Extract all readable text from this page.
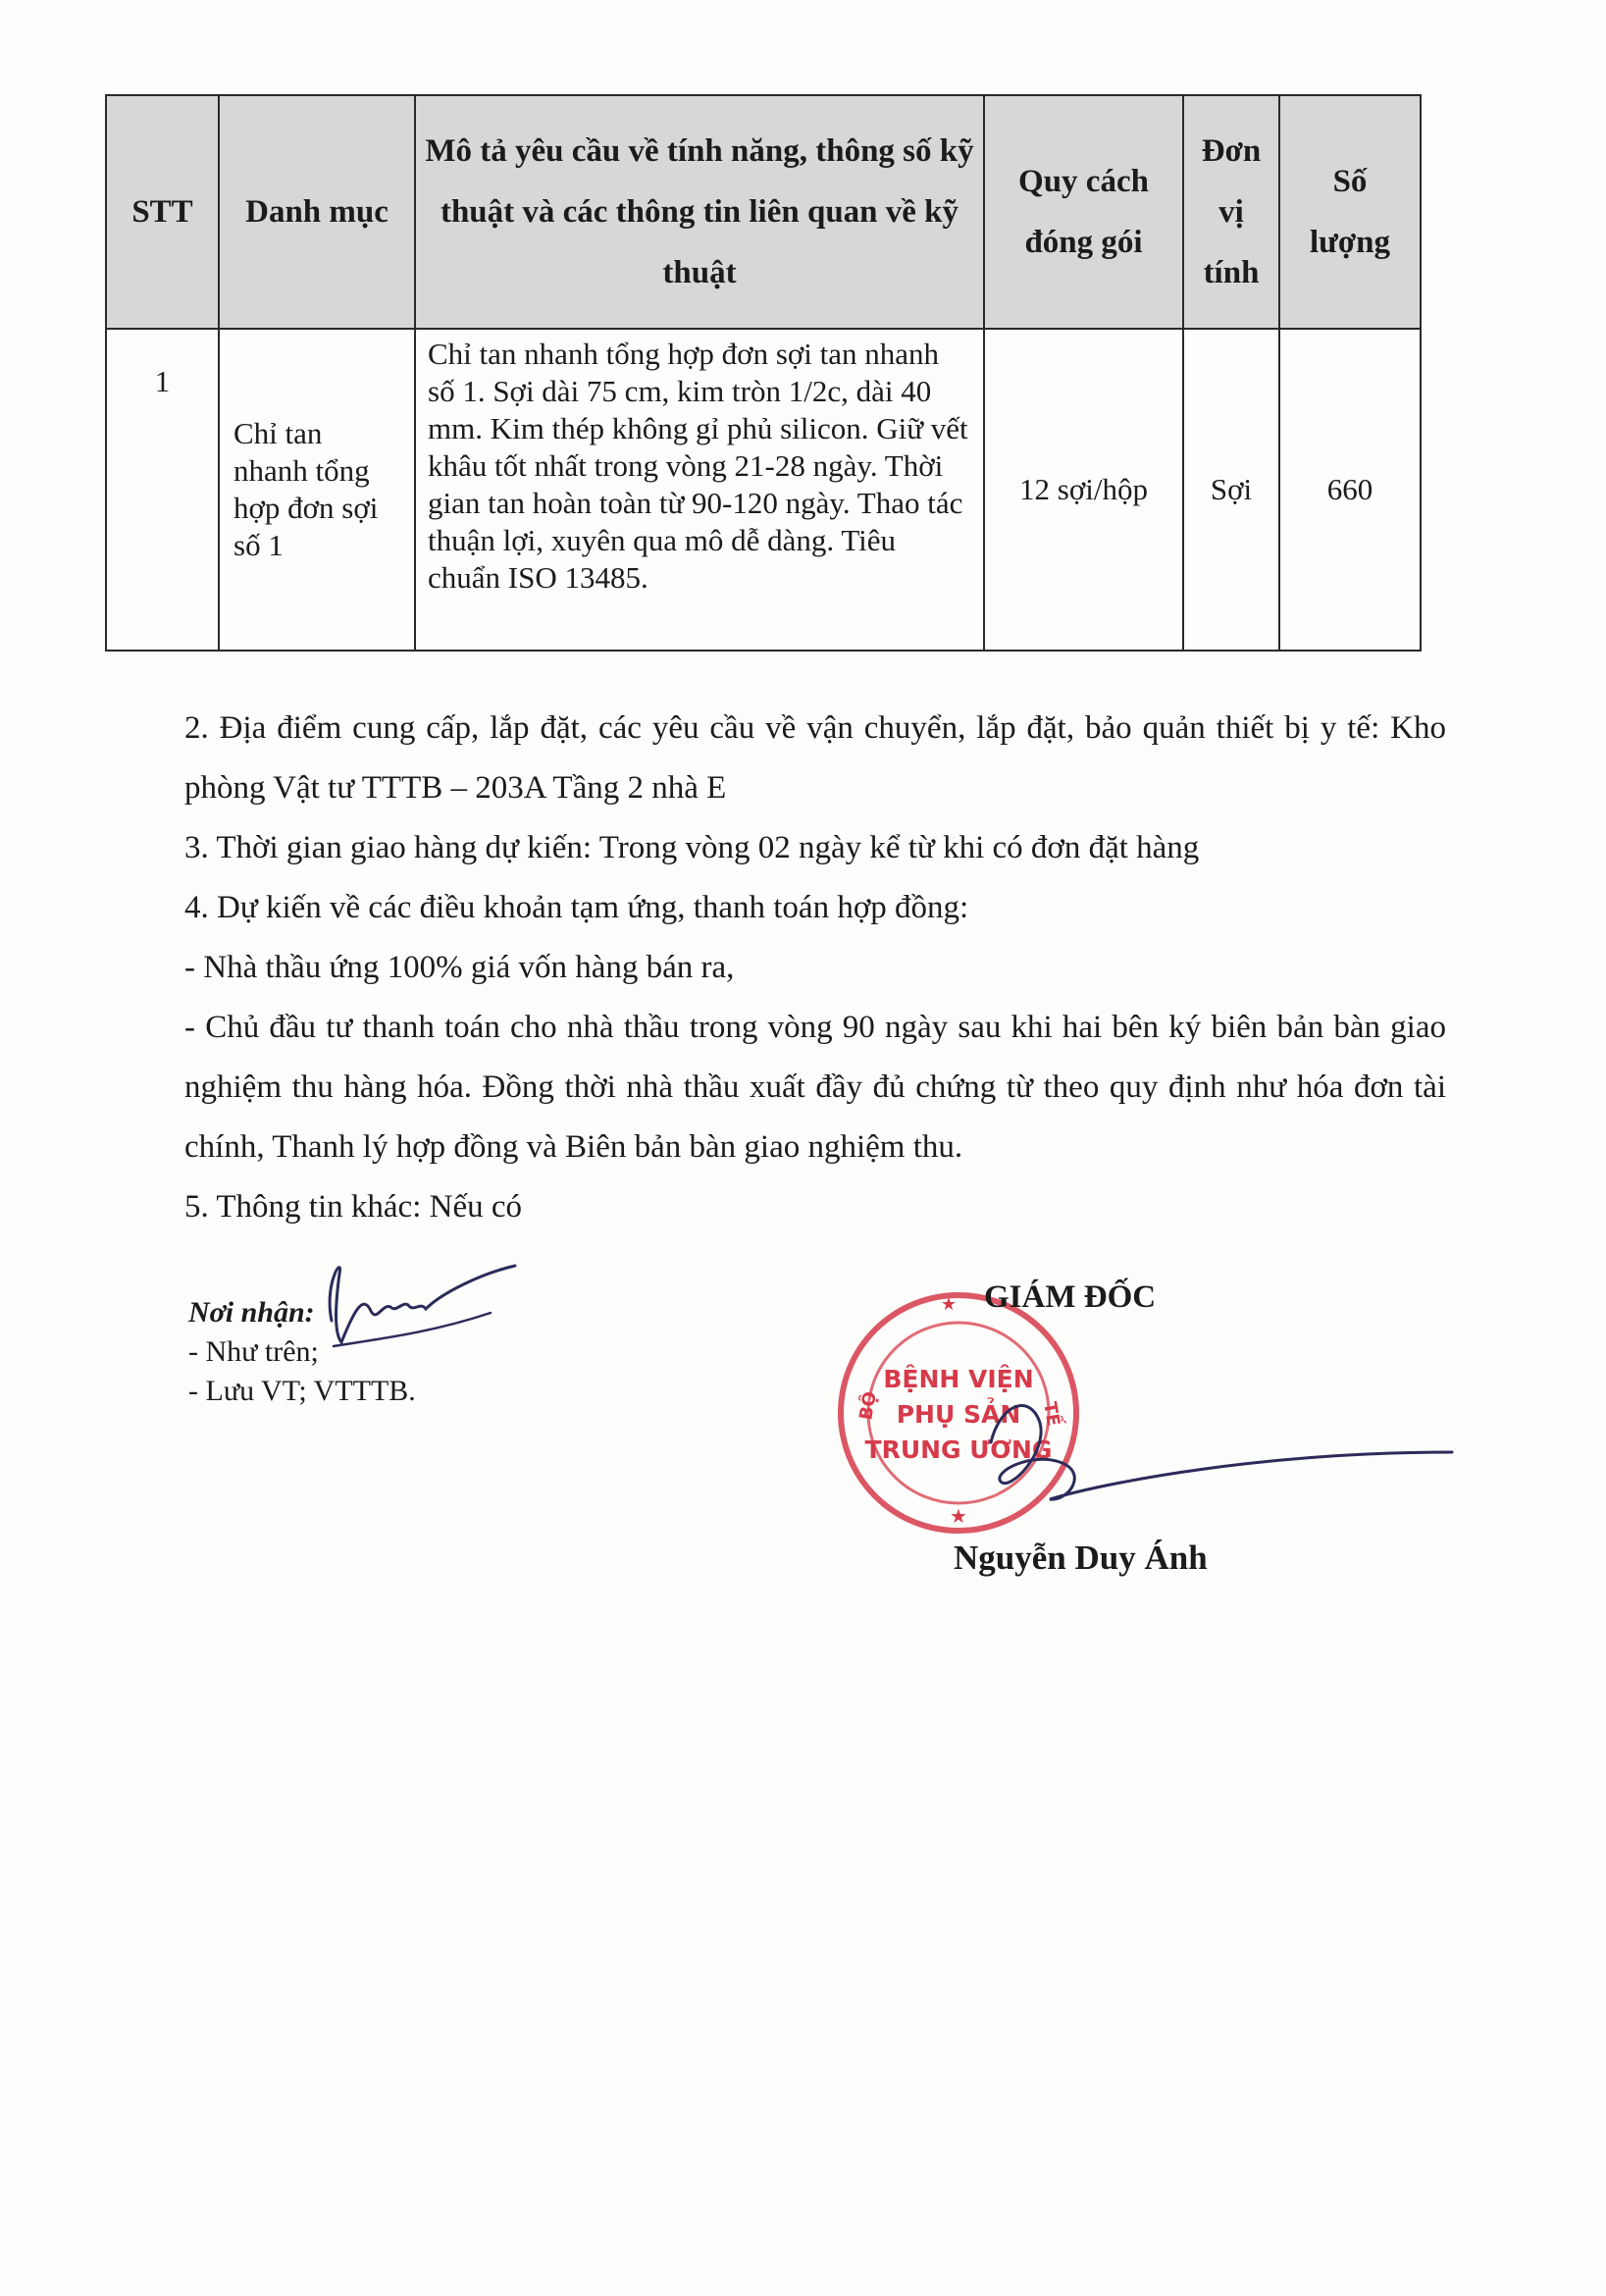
STT	Danh mục	Mô tả yêu cầu về tính năng, thông số kỹ thuật và các thông tin liên quan về kỹ thuật	Quy cách đóng gói	Đơn vị tính	Số lượng

1	Chỉ tan nhanh tổng hợp đơn sợi số 1	Chỉ tan nhanh tổng hợp đơn sợi tan nhanh số 1. Sợi dài 75 cm, kim tròn 1/2c, dài 40 mm. Kim thép không gỉ phủ silicon. Giữ vết khâu tốt nhất trong vòng 21-28 ngày. Thời gian tan hoàn toàn từ 90-120 ngày. Thao tác thuận lợi, xuyên qua mô dễ dàng. Tiêu chuẩn ISO 13485.	12 sợi/hộp	Sợi	660

2. Địa điểm cung cấp, lắp đặt, các yêu cầu về vận chuyển, lắp đặt, bảo quản thiết bị y tế: Kho phòng Vật tư TTTB – 203A Tầng 2 nhà E

3. Thời gian giao hàng dự kiến: Trong vòng 02 ngày kể từ khi có đơn đặt hàng

4. Dự kiến về các điều khoản tạm ứng, thanh toán hợp đồng:

- Nhà thầu ứng 100% giá vốn hàng bán ra,

- Chủ đầu tư thanh toán cho nhà thầu trong vòng 90 ngày sau khi hai bên ký biên bản bàn giao nghiệm thu hàng hóa. Đồng thời nhà thầu xuất đầy đủ chứng từ theo quy định như hóa đơn tài chính, Thanh lý hợp đồng và Biên bản bàn giao nghiệm thu.

5. Thông tin khác: Nếu có

Nơi nhận:
- Như trên;
- Lưu VT; VTTTB.	BỘ	TẾ
BỆNH VIỆN
PHỤ SẢN
TRUNG ƯƠNG
★
★ GIÁM ĐỐC
Nguyễn Duy Ánh
